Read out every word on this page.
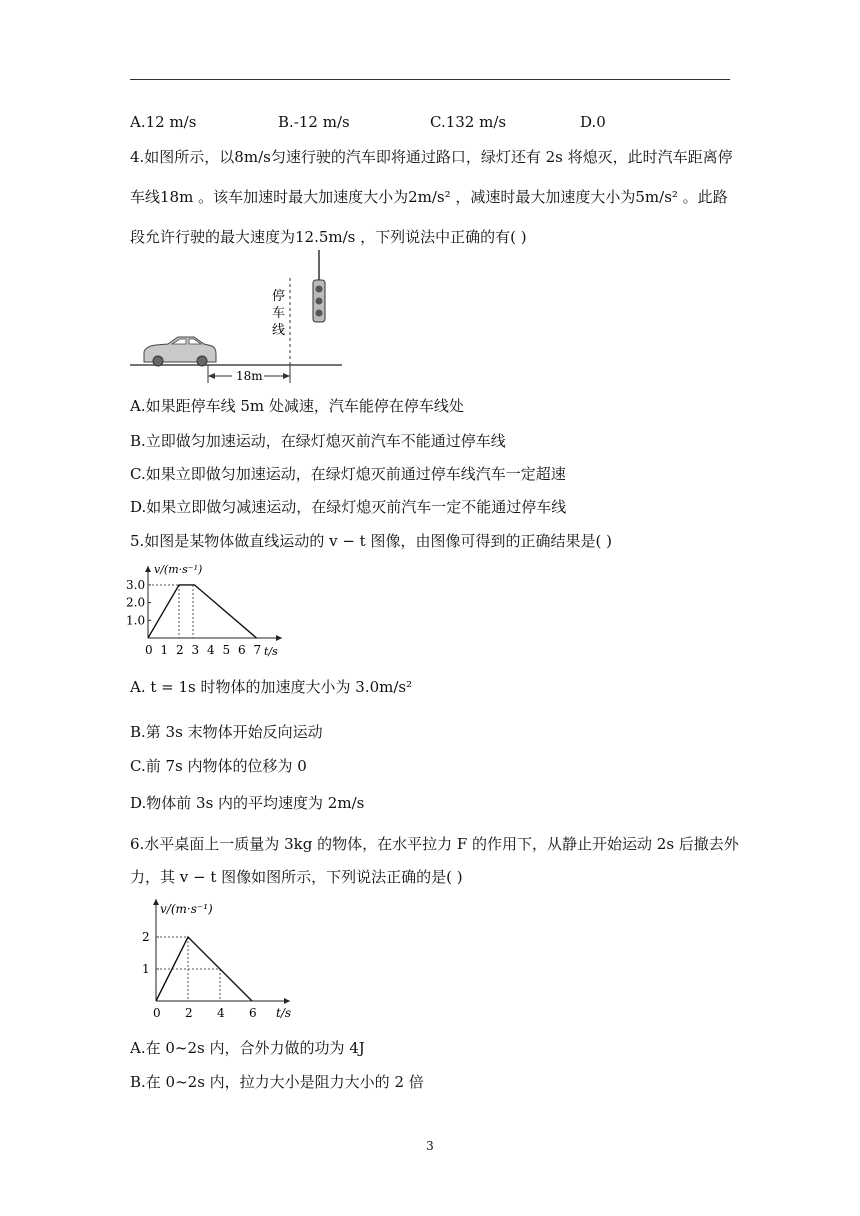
A.12 m/s	B.-12 m/s	C.132 m/s	D.0
4.如图所示，以8m/s匀速行驶的汽车即将通过路口，绿灯还有 2s 将熄灭，此时汽车距离停
车线18m 。该车加速时最大加速度大小为2m/s² ，减速时最大加速度大小为5m/s² 。此路
段允许行驶的最大速度为12.5m/s ，下列说法中正确的有( )
停
车
线
18m
A.如果距停车线 5m 处减速，汽车能停在停车线处
B.立即做匀加速运动，在绿灯熄灭前汽车不能通过停车线
C.如果立即做匀加速运动，在绿灯熄灭前通过停车线汽车一定超速
D.如果立即做匀减速运动，在绿灯熄灭前汽车一定不能通过停车线
5.如图是某物体做直线运动的 v − t 图像，由图像可得到的正确结果是( )
v/(m·s⁻¹)
t/s
0 1 2 3 4 5 6 7
1.0
2.0
3.0
A. t = 1s 时物体的加速度大小为 3.0m/s²
B.第 3s 末物体开始反向运动
C.前 7s 内物体的位移为 0
D.物体前 3s 内的平均速度为 2m/s
6.水平桌面上一质量为 3kg 的物体，在水平拉力 F 的作用下，从静止开始运动 2s 后撤去外
力，其 v − t 图像如图所示，下列说法正确的是( )
v/(m·s⁻¹)
t/s
0 2 4 6
1
2
A.在 0~2s 内，合外力做的功为 4J
B.在 0~2s 内，拉力大小是阻力大小的 2 倍
3
